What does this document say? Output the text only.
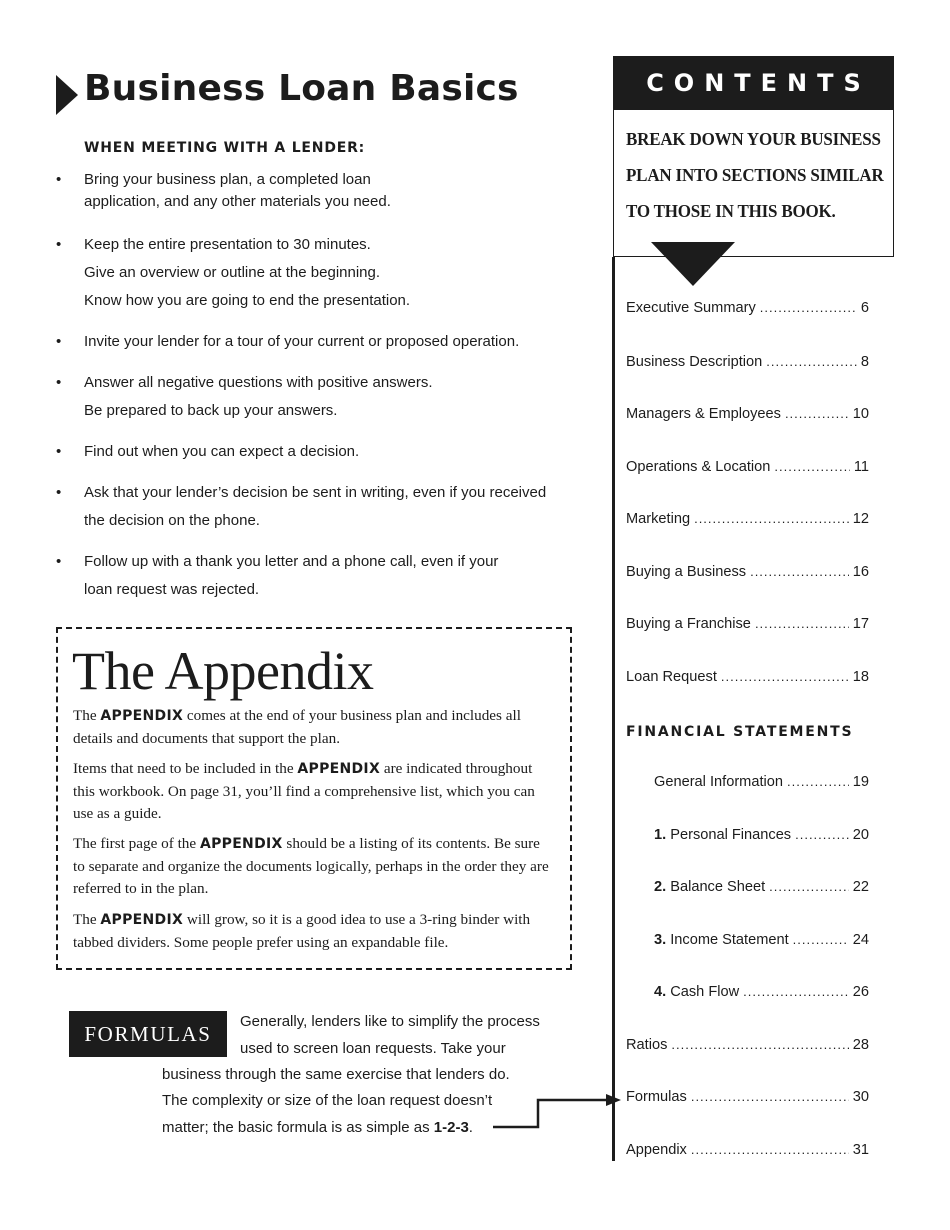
Business Loan Basics
WHEN MEETING WITH A LENDER:
•	Bring your business plan, a completed loan
application, and any other materials you need.
•	Keep the entire presentation to 30 minutes.
Give an overview or outline at the beginning.
Know how you are going to end the presentation.
•	Invite your lender for a tour of your current or proposed operation.
•	Answer all negative questions with positive answers.
Be prepared to back up your answers.
•	Find out when you can expect a decision.
•	Ask that your lender’s decision be sent in writing, even if you received
the decision on the phone.
•	Follow up with a thank you letter and a phone call, even if your
loan request was rejected.
The Appendix
The APPENDIX comes at the end of your business plan and includes all details and documents that support the plan.
Items that need to be included in the APPENDIX are indicated throughout this workbook. On page 31, you’ll find a comprehensive list, which you can use as a guide.
The first page of the APPENDIX should be a listing of its contents. Be sure to separate and organize the documents logically, perhaps in the order they are referred to in the plan.
The APPENDIX will grow, so it is a good idea to use a 3-ring binder with tabbed dividers. Some people prefer using an expandable file.
FORMULAS	Generally, lenders like to simplify the process
used to screen loan requests. Take your
business through the same exercise that lenders do.
The complexity or size of the loan request doesn’t
matter; the basic formula is as simple as 1-2-3.
CONTENTS
BREAK DOWN YOUR BUSINESS
PLAN INTO SECTIONS SIMILAR
TO THOSE IN THIS BOOK.
Executive Summary .....	6
Business Description .....	8
Managers & Employees .....	10
Operations & Location .....	11
Marketing .....	12
Buying a Business .....	16
Buying a Franchise .....	17
Loan Request .....	18
FINANCIAL STATEMENTS
General Information .....	19
1. Personal Finances .....	20
2. Balance Sheet .....	22
3. Income Statement .....	24
4. Cash Flow .....	26
Ratios .....	28
Formulas .....	30
Appendix .....	31
